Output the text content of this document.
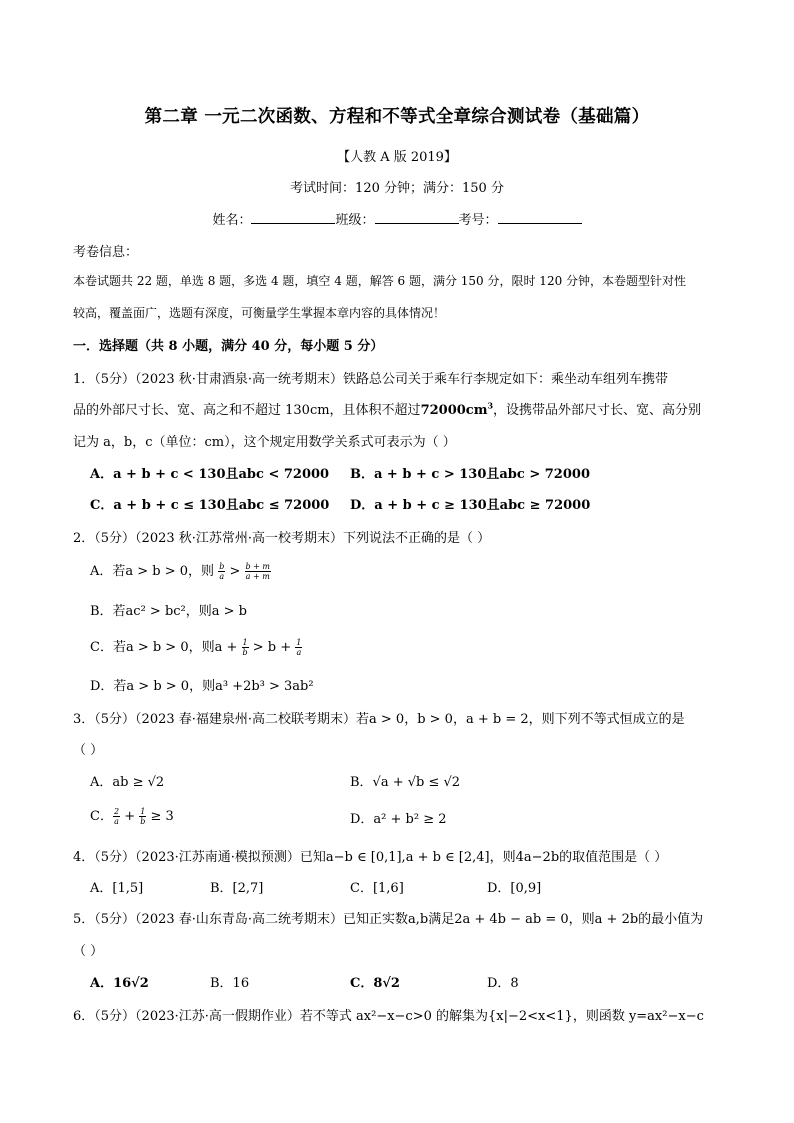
第二章 一元二次函数、方程和不等式全章综合测试卷（基础篇）
【人教 A 版 2019】
考试时间：120 分钟；满分：150 分
姓名：	班级：	考号：
考卷信息：
本卷试题共 22 题，单选 8 题，多选 4 题，填空 4 题，解答 6 题，满分 150 分，限时 120 分钟，本卷题型针对性
较高，覆盖面广，选题有深度，可衡量学生掌握本章内容的具体情况！
一．选择题（共 8 小题，满分 40 分，每小题 5 分）
1．（5分）（2023 秋·甘肃酒泉·高一统考期末）铁路总公司关于乘车行李规定如下：乘坐动车组列车携带
品的外部尺寸长、宽、高之和不超过 130cm，且体积不超过$72000cm^3$，设携带品外部尺寸长、宽、高分别
记为 a，b，c（单位：cm），这个规定用数学关系式可表示为（ ）
A．a + b + c < 130且abc < 72000 B．a + b + c > 130且abc > 72000
C．a + b + c ≤ 130且abc ≤ 72000 D．a + b + c ≥ 130且abc ≥ 72000
2．（5分）（2023 秋·江苏常州·高一校考期末）下列说法不正确的是（ ）
A．若a > b > 0，则 $\frac{b}{a} > \frac{b + m}{a + m}$
B．若ac² > bc²，则a > b
C．若a > b > 0，则$a + \frac{1}{b} > b + \frac{1}{a}$
D．若a > b > 0，则a³ +2b³ > 3ab²
3．（5分）（2023 春·福建泉州·高二校联考期末）若a > 0，b > 0，a + b = 2，则下列不等式恒成立的是
（ ）
A．ab ≥ √2	B．√a + √b ≤ √2
C． $\frac{2}{a} + \frac{1}{b} \ge 3$	D．a² + b² ≥ 2
4．（5分）（2023·江苏南通·模拟预测）已知a−b ∈ [0,1],a + b ∈ [2,4]，则4a−2b的取值范围是（ ）
A．[1,5]	B．[2,7]	C．[1,6]	D．[0,9]
5．（5分）（2023 春·山东青岛·高二统考期末）已知正实数a,b满足2a + 4b − ab = 0，则a + 2b的最小值为
（ ）
A．16√2	B．16	C．8√2	D．8
6．（5分）（2023·江苏·高一假期作业）若不等式 ax²−x−c>0 的解集为{x|−2<x<1}，则函数 y=ax²−x−c
